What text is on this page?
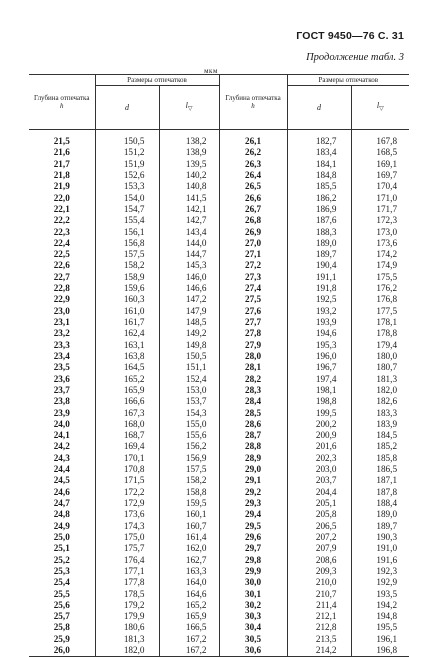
ГОСТ 9450—76 С. 31
Продолжение табл. 3
мкм
Глубина отпечатка
h	Размеры отпечатков		Глубина отпечатка
h	Размеры отпечатков	
	d	$l_▽$		d	$l_▽$
21,5	150,5	138,2	26,1	182,7	167,8
21,6	151,2	138,9	26,2	183,4	168,5
21,7	151,9	139,5	26,3	184,1	169,1
21,8	152,6	140,2	26,4	184,8	169,7
21,9	153,3	140,8	26,5	185,5	170,4
22,0	154,0	141,5	26,6	186,2	171,0
22,1	154,7	142,1	26,7	186,9	171,7
22,2	155,4	142,7	26,8	187,6	172,3
22,3	156,1	143,4	26,9	188,3	173,0
22,4	156,8	144,0	27,0	189,0	173,6
22,5	157,5	144,7	27,1	189,7	174,2
22,6	158,2	145,3	27,2	190,4	174,9
22,7	158,9	146,0	27,3	191,1	175,5
22,8	159,6	146,6	27,4	191,8	176,2
22,9	160,3	147,2	27,5	192,5	176,8
23,0	161,0	147,9	27,6	193,2	177,5
23,1	161,7	148,5	27,7	193,9	178,1
23,2	162,4	149,2	27,8	194,6	178,8
23,3	163,1	149,8	27,9	195,3	179,4
23,4	163,8	150,5	28,0	196,0	180,0
23,5	164,5	151,1	28,1	196,7	180,7
23,6	165,2	152,4	28,2	197,4	181,3
23,7	165,9	153,0	28,3	198,1	182,0
23,8	166,6	153,7	28,4	198,8	182,6
23,9	167,3	154,3	28,5	199,5	183,3
24,0	168,0	155,0	28,6	200,2	183,9
24,1	168,7	155,6	28,7	200,9	184,5
24,2	169,4	156,2	28,8	201,6	185,2
24,3	170,1	156,9	28,9	202,3	185,8
24,4	170,8	157,5	29,0	203,0	186,5
24,5	171,5	158,2	29,1	203,7	187,1
24,6	172,2	158,8	29,2	204,4	187,8
24,7	172,9	159,5	29,3	205,1	188,4
24,8	173,6	160,1	29,4	205,8	189,0
24,9	174,3	160,7	29,5	206,5	189,7
25,0	175,0	161,4	29,6	207,2	190,3
25,1	175,7	162,0	29,7	207,9	191,0
25,2	176,4	162,7	29,8	208,6	191,6
25,3	177,1	163,3	29,9	209,3	192,3
25,4	177,8	164,0	30,0	210,0	192,9
25,5	178,5	164,6	30,1	210,7	193,5
25,6	179,2	165,2	30,2	211,4	194,2
25,7	179,9	165,9	30,3	212,1	194,8
25,8	180,6	166,5	30,4	212,8	195,5
25,9	181,3	167,2	30,5	213,5	196,1
26,0	182,0	167,2	30,6	214,2	196,8
